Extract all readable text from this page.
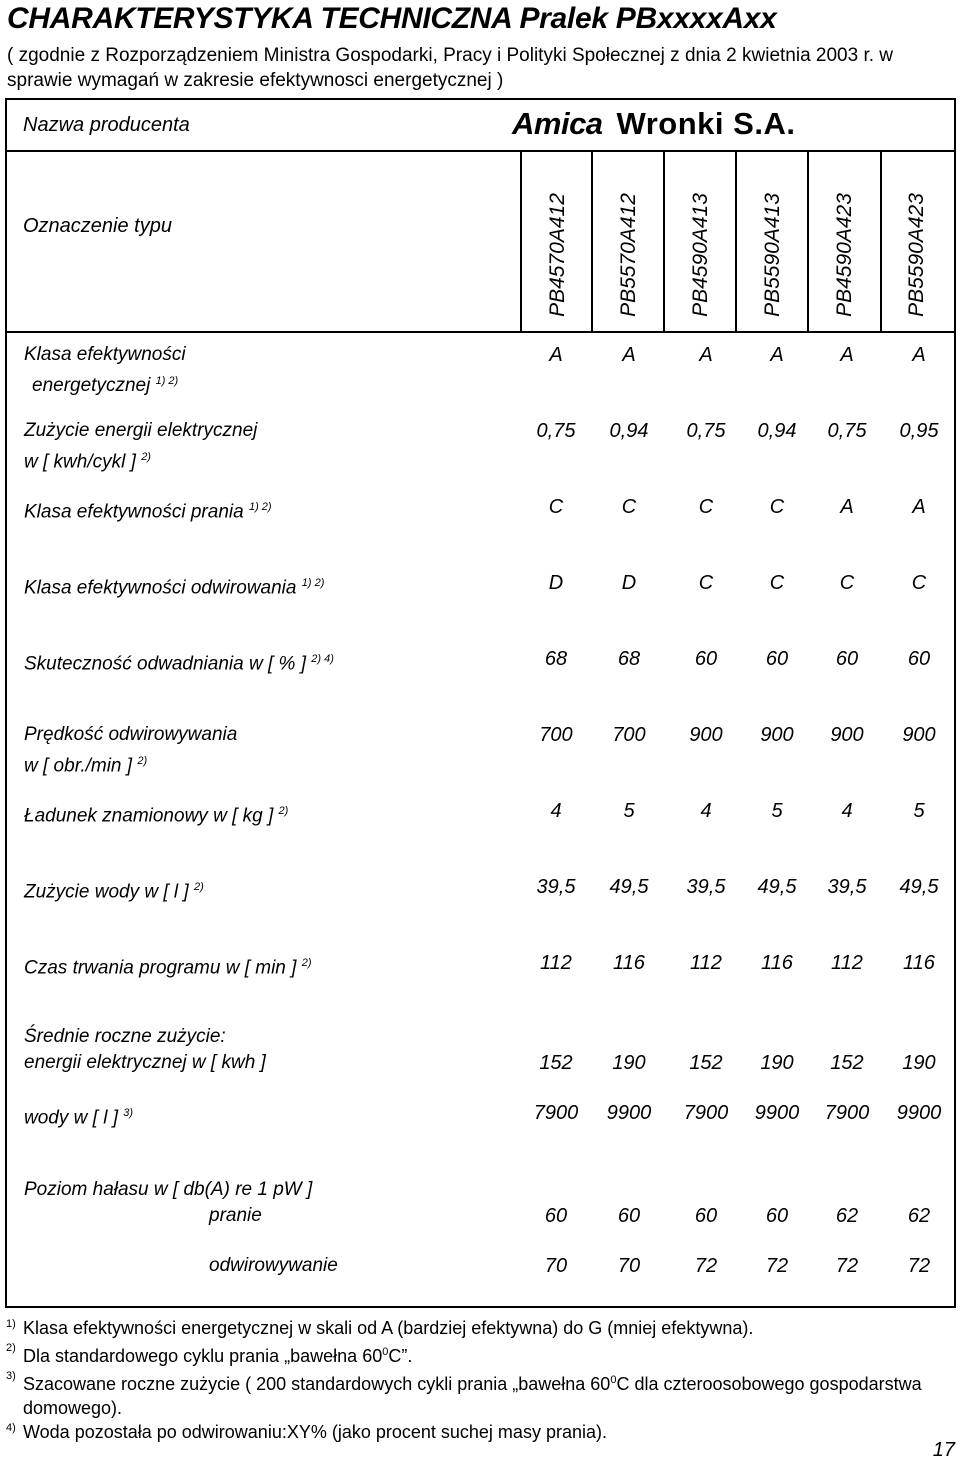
CHARAKTERYSTYKA TECHNICZNA Pralek PBxxxxAxx
( zgodnie z Rozporządzeniem Ministra Gospodarki, Pracy i Polityki Społecznej z dnia 2 kwietnia 2003 r. w sprawie wymagań w zakresie efektywnosci energetycznej )
Nazwa producenta	Amica Wronki S.A.
Oznaczenie typu	PB4570A412 PB5570A412 PB4590A413 PB5590A413 PB4590A423 PB5590A423
Klasa efektywności
energetycznej $^{1) 2)}$
A	A	A	A	A	A
Zużycie energii elektrycznej
w [ kwh/cykl ] $^{2)}$
0,75	0,94	0,75	0,94	0,75	0,95
Klasa efektywności prania $^{1) 2)}$	C	C	C	C	A	A
Klasa efektywności odwirowania $^{1) 2)}$	D	D	C	C	C	C
Skuteczność odwadniania w [ % ] $^{2) 4)}$	68	68	60	60	60	60
Prędkość odwirowywania
w [ obr./min ] $^{2)}$
700	700	900	900	900	900
Ładunek znamionowy w [ kg ] $^{2)}$	4	5	4	5	4	5
Zużycie wody w [ l ] $^{2)}$	39,5	49,5	39,5	49,5	39,5	49,5
Czas trwania programu w [ min ] $^{2)}$	112	116	112	116	112	116
Średnie roczne zużycie:
energii elektrycznej w [ kwh ]	152	190	152	190	152	190
wody w [ l ] $^{3)}$	7900	9900	7900	9900	7900	9900
Poziom hałasu w [ db(A) re 1 pW ]
pranie	60	60	60	60	62	62
odwirowywanie	70	70	72	72	72	72
1) Klasa efektywności energetycznej w skali od A (bardziej efektywna) do G (mniej efektywna).
2) Dla standardowego cyklu prania „bawełna $60^0C$”.
3) Szacowane roczne zużycie ( 200 standardowych cykli prania „bawełna $60^0C$ dla czteroosobowego gospodarstwa domowego).
4) Woda pozostała po odwirowaniu:XY% (jako procent suchej masy prania).
17
